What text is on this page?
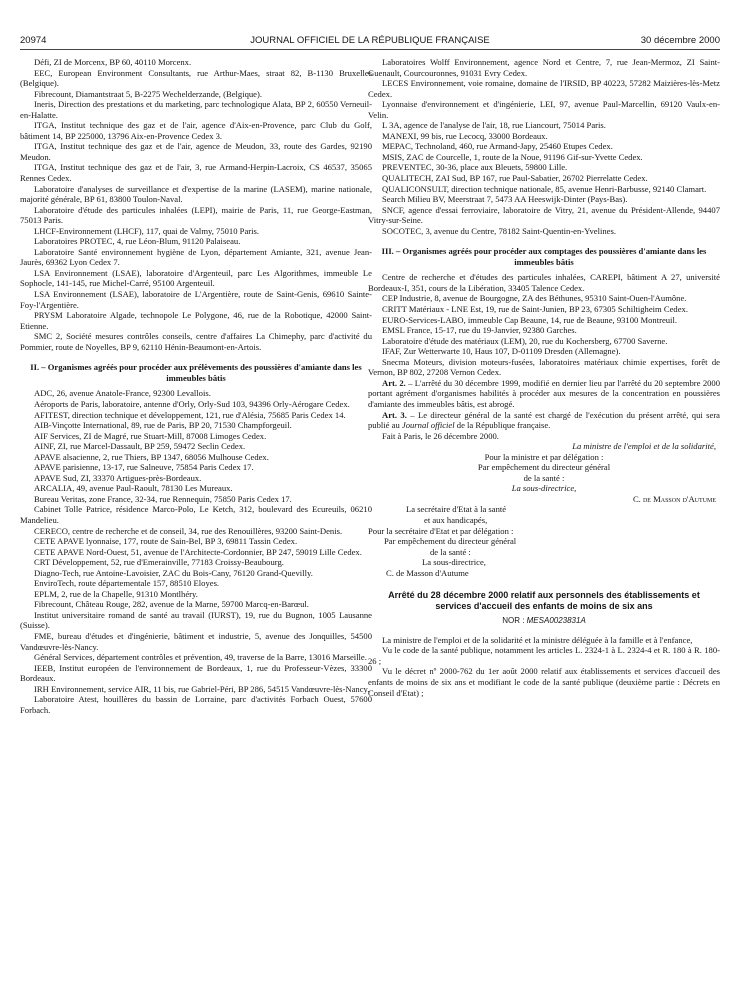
20974	JOURNAL OFFICIEL DE LA RÉPUBLIQUE FRANÇAISE	30 décembre 2000

Défi, ZI de Morcenx, BP 60, 40110 Morcenx.

EEC, European Environment Consultants, rue Arthur-Maes, straat 82, B-1130 Bruxelles (Belgique).

Fibrecount, Diamantstraat 5, B-2275 Wechelderzande, (Belgique).

Ineris, Direction des prestations et du marketing, parc technologique Alata, BP 2, 60550 Verneuil-en-Halatte.

ITGA, Institut technique des gaz et de l'air, agence d'Aix-en-Provence, parc Club du Golf, bâtiment 14, BP 225000, 13796 Aix-en-Provence Cedex 3.

ITGA, Institut technique des gaz et de l'air, agence de Meudon, 33, route des Gardes, 92190 Meudon.

ITGA, Institut technique des gaz et de l'air, 3, rue Armand-Herpin-Lacroix, CS 46537, 35065 Rennes Cedex.

Laboratoire d'analyses de surveillance et d'expertise de la marine (LASEM), marine nationale, majorité générale, BP 61, 83800 Toulon-Naval.

Laboratoire d'étude des particules inhalées (LEPI), mairie de Paris, 11, rue George-Eastman, 75013 Paris.

LHCF-Environnement (LHCF), 117, quai de Valmy, 75010 Paris.

Laboratoires PROTEC, 4, rue Léon-Blum, 91120 Palaiseau.

Laboratoire Santé environnement hygiène de Lyon, département Amiante, 321, avenue Jean-Jaurès, 69362 Lyon Cedex 7.

LSA Environnement (LSAE), laboratoire d'Argenteuil, parc Les Algorithmes, immeuble Le Sophocle, 141-145, rue Michel-Carré, 95100 Argenteuil.

LSA Environnement (LSAE), laboratoire de L'Argentière, route de Saint-Genis, 69610 Sainte-Foy-l'Argentière.

PRYSM Laboratoire Algade, technopole Le Polygone, 46, rue de la Robotique, 42000 Saint-Etienne.

SMC 2, Société mesures contrôles conseils, centre d'affaires La Chimephy, parc d'activité du Pommier, route de Noyelles, BP 9, 62110 Hénin-Beaumont-en-Artois.

II. – Organismes agréés pour procéder aux prélèvements des poussières d'amiante dans les immeubles bâtis

ADC, 26, avenue Anatole-France, 92300 Levallois.

Aéroports de Paris, laboratoire, antenne d'Orly, Orly-Sud 103, 94396 Orly-Aérogare Cedex.

AFITEST, direction technique et développement, 121, rue d'Alésia, 75685 Paris Cedex 14.

AIB-Vinçotte International, 89, rue de Paris, BP 20, 71530 Champforgeuil.

AIF Services, ZI de Magré, rue Stuart-Mill, 87008 Limoges Cedex.

AINF, ZI, rue Marcel-Dassault, BP 259, 59472 Seclin Cedex.

APAVE alsacienne, 2, rue Thiers, BP 1347, 68056 Mulhouse Cedex.

APAVE parisienne, 13-17, rue Salneuve, 75854 Paris Cedex 17.

APAVE Sud, ZI, 33370 Artigues-près-Bordeaux.

ARCALIA, 49, avenue Paul-Raoult, 78130 Les Mureaux.

Bureau Veritas, zone France, 32-34, rue Rennequin, 75850 Paris Cedex 17.

Cabinet Tolle Patrice, résidence Marco-Polo, Le Ketch, 312, boulevard des Ecureuils, 06210 Mandelieu.

CERECO, centre de recherche et de conseil, 34, rue des Renouillères, 93200 Saint-Denis.

CETE APAVE lyonnaise, 177, route de Sain-Bel, BP 3, 69811 Tassin Cedex.

CETE APAVE Nord-Ouest, 51, avenue de l'Architecte-Cordonnier, BP 247, 59019 Lille Cedex.

CRT Développement, 52, rue d'Emerainville, 77183 Croissy-Beaubourg.

Diagno-Tech, rue Antoine-Lavoisier, ZAC du Bois-Cany, 76120 Grand-Quevilly.

EnviroTech, route départementale 157, 88510 Eloyes.

EPLM, 2, rue de la Chapelle, 91310 Montlhéry.

Fibrecount, Château Rouge, 282, avenue de la Marne, 59700 Marcq-en-Barœul.

Institut universitaire romand de santé au travail (IURST), 19, rue du Bugnon, 1005 Lausanne (Suisse).

FME, bureau d'études et d'ingénierie, bâtiment et industrie, 5, avenue des Jonquilles, 54500 Vandœuvre-lès-Nancy.

Général Services, département contrôles et prévention, 49, traverse de la Barre, 13016 Marseille.

IEEB, Institut européen de l'environnement de Bordeaux, 1, rue du Professeur-Vèzes, 33300 Bordeaux.

IRH Environnement, service AIR, 11 bis, rue Gabriel-Péri, BP 286, 54515 Vandœuvre-lès-Nancy.

Laboratoire Atest, houillères du bassin de Lorraine, parc d'activités Forbach Ouest, 57600 Forbach.

Laboratoires Wolff Environnement, agence Nord et Centre, 7, rue Jean-Mermoz, ZI Saint-Guenault, Courcouronnes, 91031 Evry Cedex.

LECES Environnement, voie romaine, domaine de l'IRSID, BP 40223, 57282 Maizières-lès-Metz Cedex.

Lyonnaise d'environnement et d'ingénierie, LEI, 97, avenue Paul-Marcellin, 69120 Vaulx-en-Velin.

L 3A, agence de l'analyse de l'air, 18, rue Liancourt, 75014 Paris.

MANEXI, 99 bis, rue Lecocq, 33000 Bordeaux.

MEPAC, Technoland, 460, rue Armand-Japy, 25460 Etupes Cedex.

MSIS, ZAC de Courcelle, 1, route de la Noue, 91196 Gif-sur-Yvette Cedex.

PREVENTEC, 30-36, place aux Bleuets, 59800 Lille.

QUALITECH, ZAI Sud, BP 167, rue Paul-Sabatier, 26702 Pierrelatte Cedex.

QUALICONSULT, direction technique nationale, 85, avenue Henri-Barbusse, 92140 Clamart.

Search Milieu BV, Meerstraat 7, 5473 AA Heeswijk-Dinter (Pays-Bas).

SNCF, agence d'essai ferroviaire, laboratoire de Vitry, 21, avenue du Président-Allende, 94407 Vitry-sur-Seine.

SOCOTEC, 3, avenue du Centre, 78182 Saint-Quentin-en-Yvelines.

III. – Organismes agréés pour procéder aux comptages des poussières d'amiante dans les immeubles bâtis

Centre de recherche et d'études des particules inhalées, CAREPI, bâtiment A 27, université Bordeaux-I, 351, cours de la Libération, 33405 Talence Cedex.

CEP Industrie, 8, avenue de Bourgogne, ZA des Béthunes, 95310 Saint-Ouen-l'Aumône.

CRITT Matériaux - LNE Est, 19, rue de Saint-Junien, BP 23, 67305 Schiltigheim Cedex.

EURO-Services-LABO, immeuble Cap Beaune, 14, rue de Beaune, 93100 Montreuil.

EMSL France, 15-17, rue du 19-Janvier, 92380 Garches.

Laboratoire d'étude des matériaux (LEM), 20, rue du Kochersberg, 67700 Saverne.

IFAF, Zur Wetterwarte 10, Haus 107, D-01109 Dresden (Allemagne).

Snecma Moteurs, division moteurs-fusées, laboratoires matériaux chimie expertises, forêt de Vernon, BP 802, 27208 Vernon Cedex.

Art. 2. – L'arrêté du 30 décembre 1999, modifié en dernier lieu par l'arrêté du 20 septembre 2000 portant agrément d'organismes habilités à procéder aux mesures de la concentration en poussières d'amiante des immeubles bâtis, est abrogé.

Art. 3. – Le directeur général de la santé est chargé de l'exécution du présent arrêté, qui sera publié au Journal officiel de la République française.

Fait à Paris, le 26 décembre 2000.

La ministre de l'emploi et de la solidarité,

Pour la ministre et par délégation :

Par empêchement du directeur général

de la santé :

La sous-directrice,

C. de Masson d'Autume

La secrétaire d'Etat à la santé

et aux handicapés,

Pour la secrétaire d'Etat et par délégation :

Par empêchement du directeur général

de la santé :

La sous-directrice,

C. de Masson d'Autume

Arrêté du 28 décembre 2000 relatif aux personnels des établissements et services d'accueil des enfants de moins de six ans

NOR : MESA0023831A

La ministre de l'emploi et de la solidarité et la ministre déléguée à la famille et à l'enfance,

Vu le code de la santé publique, notamment les articles L. 2324-1 à L. 2324-4 et R. 180 à R. 180-26 ;

Vu le décret nº 2000-762 du 1er août 2000 relatif aux établissements et services d'accueil des enfants de moins de six ans et modifiant le code de la santé publique (deuxième partie : Décrets en Conseil d'Etat) ;
